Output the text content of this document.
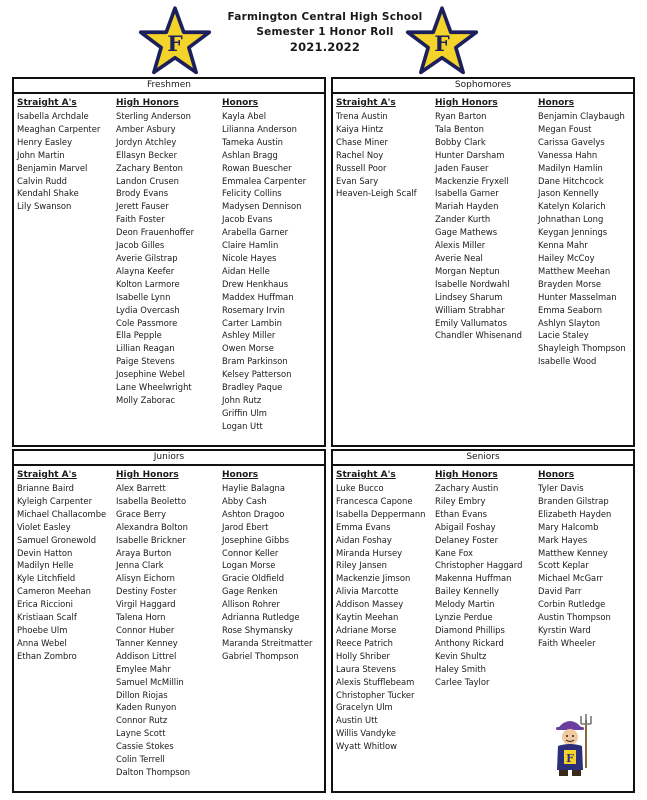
F
Farmington Central High School
Semester 1 Honor Roll
2021.2022	F
Freshmen
Straight A's
Isabella Archdale
Meaghan Carpenter
Henry Easley
John Martin
Benjamin Marvel
Calvin Rudd
Kendahl Shake
Lily Swanson
High Honors
Sterling Anderson
Amber Asbury
Jordyn Atchley
Ellasyn Becker
Zachary Benton
Landon Crusen
Brody Evans
Jerett Fauser
Faith Foster
Deon Frauenhoffer
Jacob Gilles
Averie Gilstrap
Alayna Keefer
Kolton Larmore
Isabelle Lynn
Lydia Overcash
Cole Passmore
Ella Pepple
Lillian Reagan
Paige Stevens
Josephine Webel
Lane Wheelwright
Molly Zaborac
Honors
Kayla Abel
Lilianna Anderson
Tameka Austin
Ashlan Bragg
Rowan Buescher
Emmalea Carpenter
Felicity Collins
Madysen Dennison
Jacob Evans
Arabella Garner
Claire Hamlin
Nicole Hayes
Aidan Helle
Drew Henkhaus
Maddex Huffman
Rosemary Irvin
Carter Lambin
Ashley Miller
Owen Morse
Bram Parkinson
Kelsey Patterson
Bradley Paque
John Rutz
Griffin Ulm
Logan Utt
Sophomores
Straight A's
Trena Austin
Kaiya Hintz
Chase Miner
Rachel Noy
Russell Poor
Evan Sary
Heaven-Leigh Scalf
High Honors
Ryan Barton
Tala Benton
Bobby Clark
Hunter Darsham
Jaden Fauser
Mackenzie Fryxell
Isabella Garner
Mariah Hayden
Zander Kurth
Gage Mathews
Alexis Miller
Averie Neal
Morgan Neptun
Isabelle Nordwahl
Lindsey Sharum
William Strabhar
Emily Vallumatos
Chandler Whisenand
Honors
Benjamin Claybaugh
Megan Foust
Carissa Gavelys
Vanessa Hahn
Madilyn Hamlin
Dane Hitchcock
Jason Kennelly
Katelyn Kolarich
Johnathan Long
Keygan Jennings
Kenna Mahr
Hailey McCoy
Matthew Meehan
Brayden Morse
Hunter Masselman
Emma Seaborn
Ashlyn Slayton
Lacie Staley
Shayleigh Thompson
Isabelle Wood
Juniors
Straight A's
Brianne Baird
Kyleigh Carpenter
Michael Challacombe
Violet Easley
Samuel Gronewold
Devin Hatton
Madilyn Helle
Kyle Litchfield
Cameron Meehan
Erica Riccioni
Kristiaan Scalf
Phoebe Ulm
Anna Webel
Ethan Zombro
High Honors
Alex Barrett
Isabella Beoletto
Grace Berry
Alexandra Bolton
Isabelle Brickner
Araya Burton
Jenna Clark
Alisyn Eichorn
Destiny Foster
Virgil Haggard
Talena Horn
Connor Huber
Tanner Kenney
Addison Littrel
Emylee Mahr
Samuel McMillin
Dillon Riojas
Kaden Runyon
Connor Rutz
Layne Scott
Cassie Stokes
Colin Terrell
Dalton Thompson
Honors
Haylie Balagna
Abby Cash
Ashton Dragoo
Jarod Ebert
Josephine Gibbs
Connor Keller
Logan Morse
Gracie Oldfield
Gage Renken
Allison Rohrer
Adrianna Rutledge
Rose Shymansky
Maranda Streitmatter
Gabriel Thompson
Seniors
Straight A's
Luke Bucco
Francesca Capone
Isabella Deppermann
Emma Evans
Aidan Foshay
Miranda Hursey
Riley Jansen
Mackenzie Jimson
Alivia Marcotte
Addison Massey
Kaytin Meehan
Adriane Morse
Reece Patrich
Holly Shriber
Laura Stevens
Alexis Stufflebeam
Christopher Tucker
Gracelyn Ulm
Austin Utt
Willis Vandyke
Wyatt Whitlow
High Honors
Zachary Austin
Riley Embry
Ethan Evans
Abigail Foshay
Delaney Foster
Kane Fox
Christopher Haggard
Makenna Huffman
Bailey Kennelly
Melody Martin
Lynzie Perdue
Diamond Phillips
Anthony Rickard
Kevin Shultz
Haley Smith
Carlee Taylor
Honors
Tyler Davis
Branden Gilstrap
Elizabeth Hayden
Mary Halcomb
Mark Hayes
Matthew Kenney
Scott Keplar
Michael McGarr
David Parr
Corbin Rutledge
Austin Thompson
Kyrstin Ward
Faith Wheeler
F
